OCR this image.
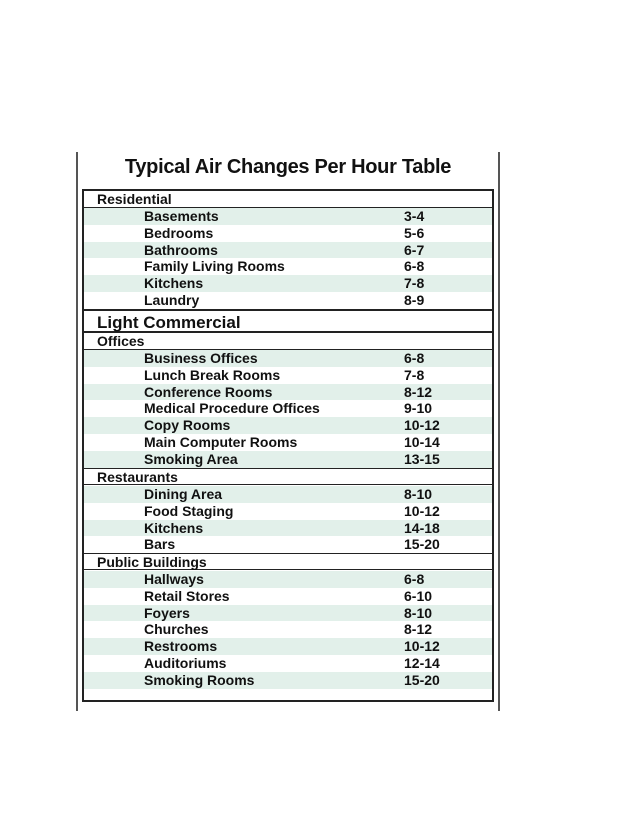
Typical Air Changes Per Hour Table
Residential
Basements	3-4
Bedrooms	5-6
Bathrooms	6-7
Family Living Rooms	6-8
Kitchens	7-8
Laundry	8-9
Light Commercial
Offices
Business Offices	6-8
Lunch Break Rooms	7-8
Conference Rooms	8-12
Medical Procedure Offices	9-10
Copy Rooms	10-12
Main Computer Rooms	10-14
Smoking Area	13-15
Restaurants
Dining Area	8-10
Food Staging	10-12
Kitchens	14-18
Bars	15-20
Public Buildings
Hallways	6-8
Retail Stores	6-10
Foyers	8-10
Churches	8-12
Restrooms	10-12
Auditoriums	12-14
Smoking Rooms	15-20
